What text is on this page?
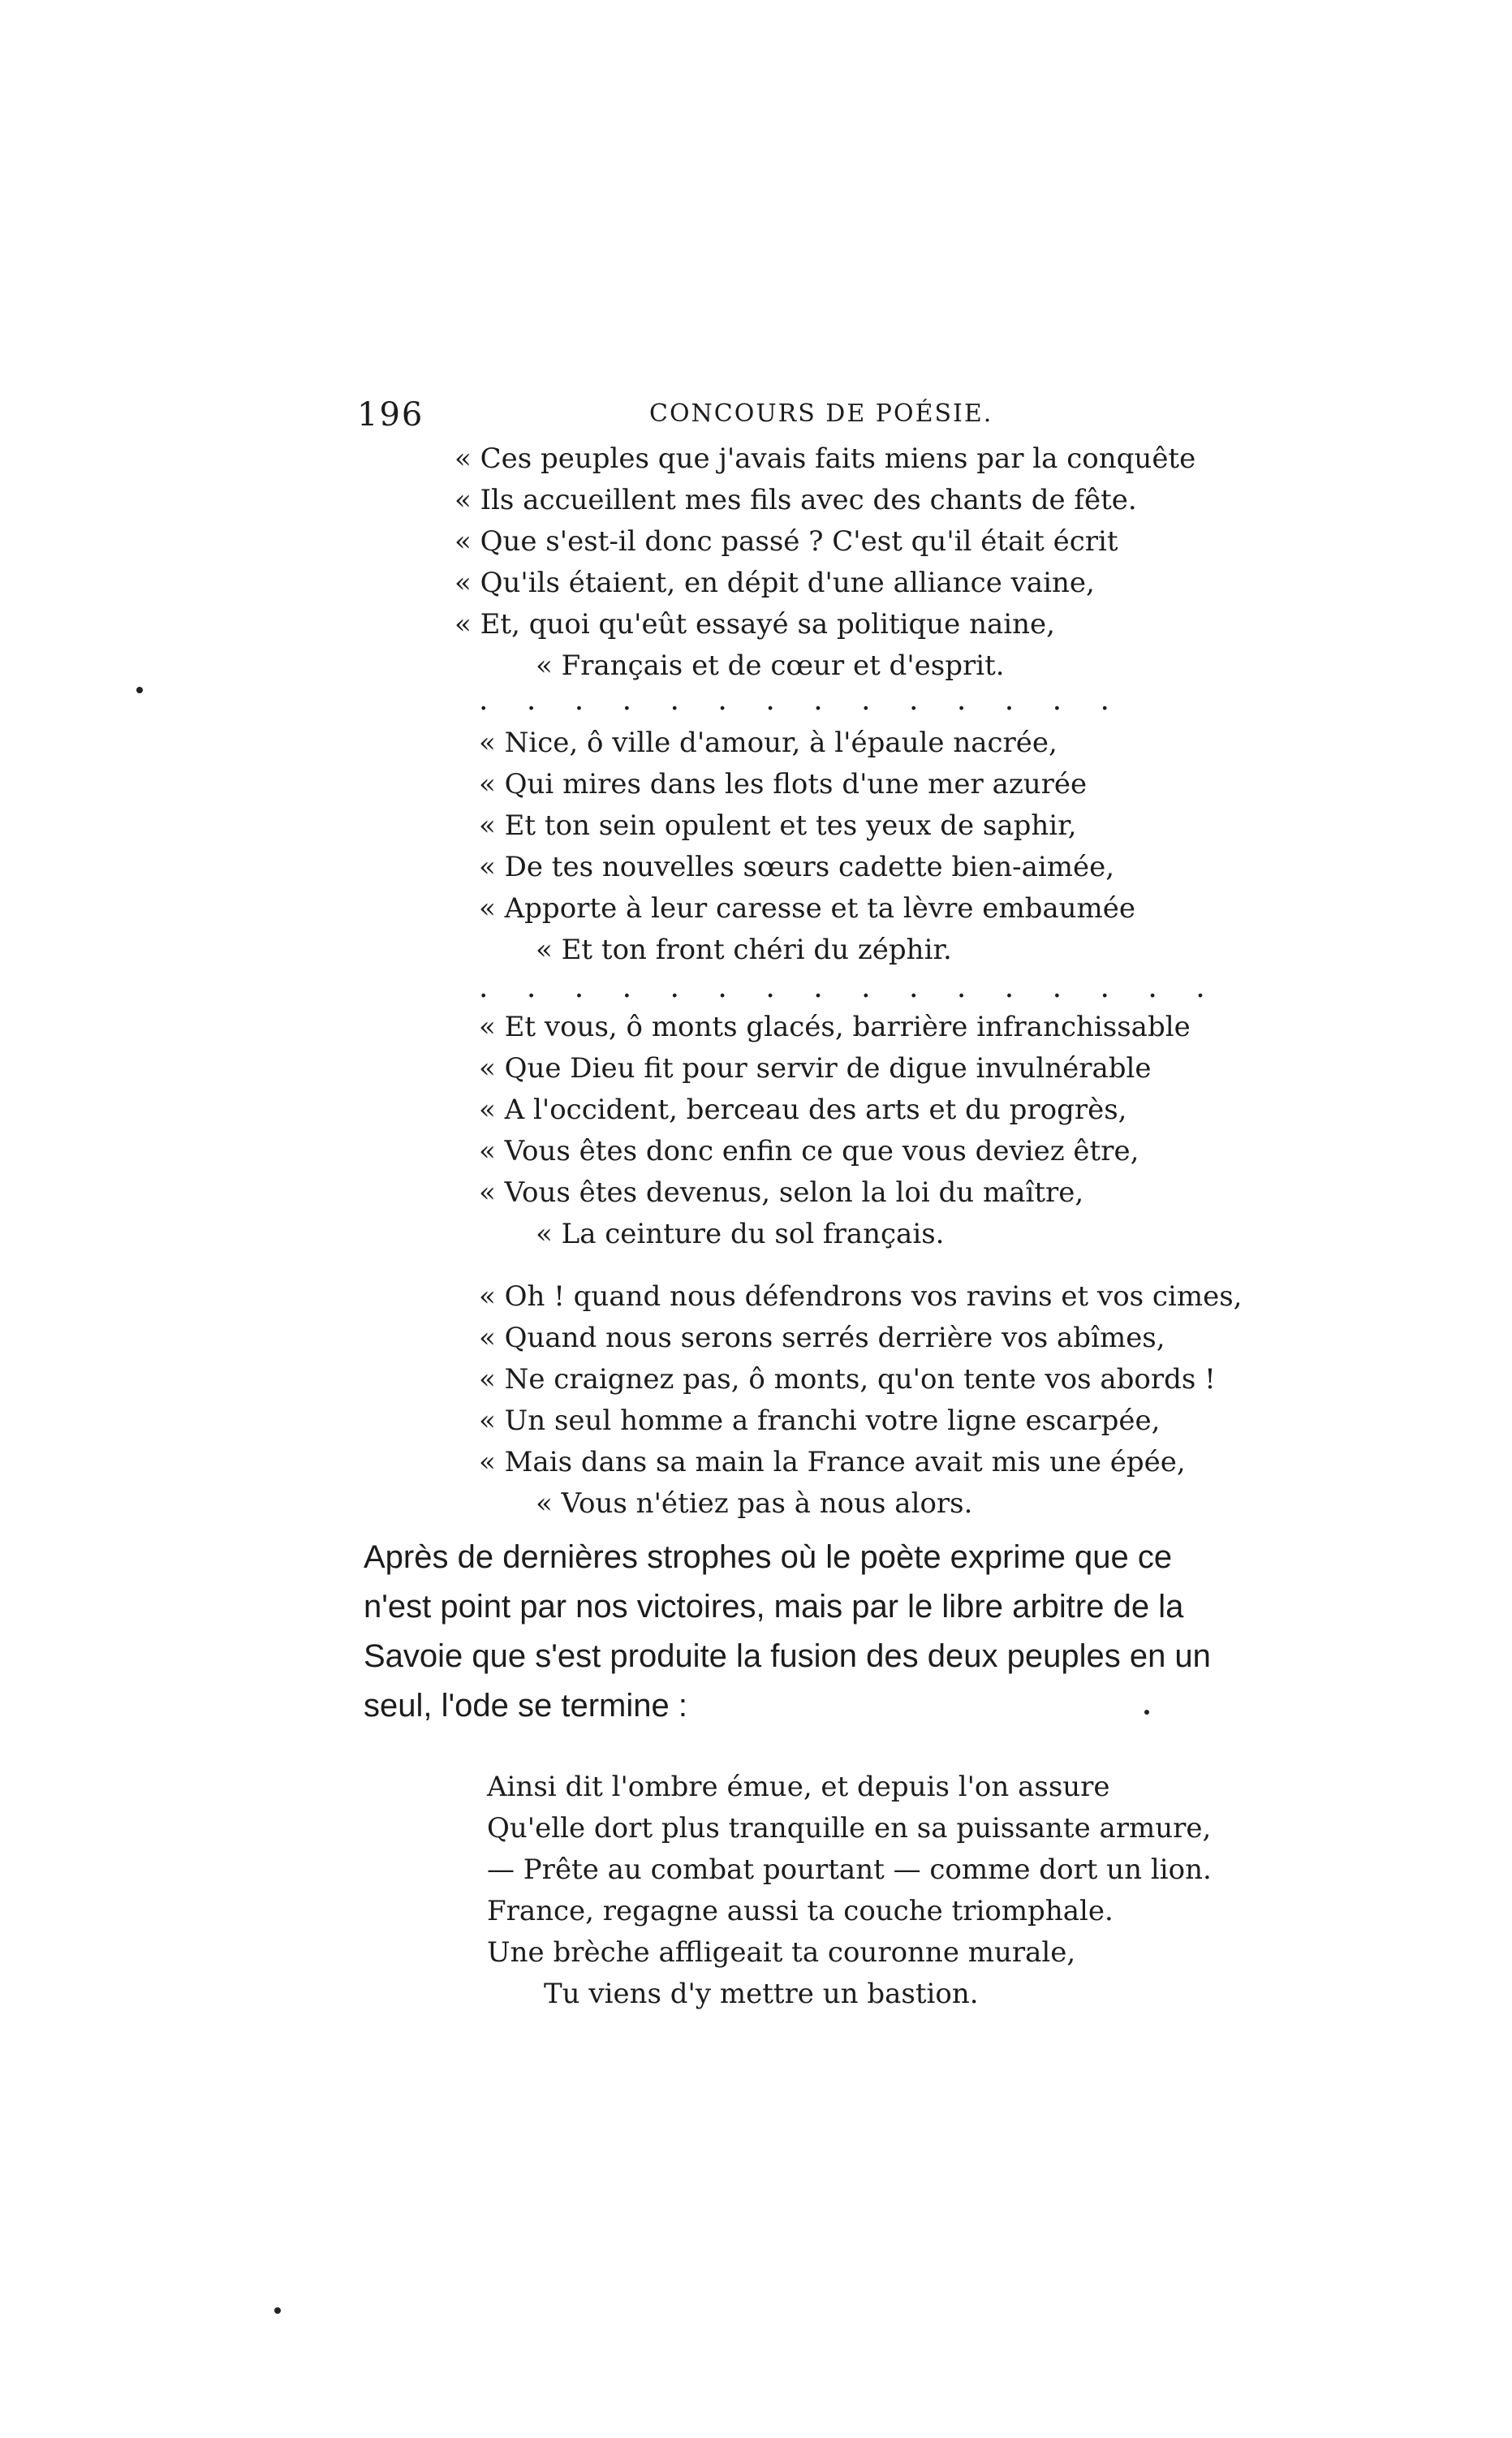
196	CONCOURS DE POÉSIE.
« Ces peuples que j'avais faits miens par la conquête
« Ils accueillent mes fils avec des chants de fête.
« Que s'est-il donc passé ? C'est qu'il était écrit
« Qu'ils étaient, en dépit d'une alliance vaine,
« Et, quoi qu'eût essayé sa politique naine,
« Français et de cœur et d'esprit.
. . . . . . . . . . . . . .
« Nice, ô ville d'amour, à l'épaule nacrée,
« Qui mires dans les flots d'une mer azurée
« Et ton sein opulent et tes yeux de saphir,
« De tes nouvelles sœurs cadette bien-aimée,
« Apporte à leur caresse et ta lèvre embaumée
« Et ton front chéri du zéphir.
. . . . . . . . . . . . . . . .
« Et vous, ô monts glacés, barrière infranchissable
« Que Dieu fit pour servir de digue invulnérable
« A l'occident, berceau des arts et du progrès,
« Vous êtes donc enfin ce que vous deviez être,
« Vous êtes devenus, selon la loi du maître,
« La ceinture du sol français.
« Oh ! quand nous défendrons vos ravins et vos cimes,
« Quand nous serons serrés derrière vos abîmes,
« Ne craignez pas, ô monts, qu'on tente vos abords !
« Un seul homme a franchi votre ligne escarpée,
« Mais dans sa main la France avait mis une épée,
« Vous n'étiez pas à nous alors.

Après de dernières strophes où le poète exprime que ce

n'est point par nos victoires, mais par le libre arbitre de la

Savoie que s'est produite la fusion des deux peuples en un

seul, l'ode se termine :

Ainsi dit l'ombre émue, et depuis l'on assure
Qu'elle dort plus tranquille en sa puissante armure,
— Prête au combat pourtant — comme dort un lion.
France, regagne aussi ta couche triomphale.
Une brèche affligeait ta couronne murale,
Tu viens d'y mettre un bastion.
